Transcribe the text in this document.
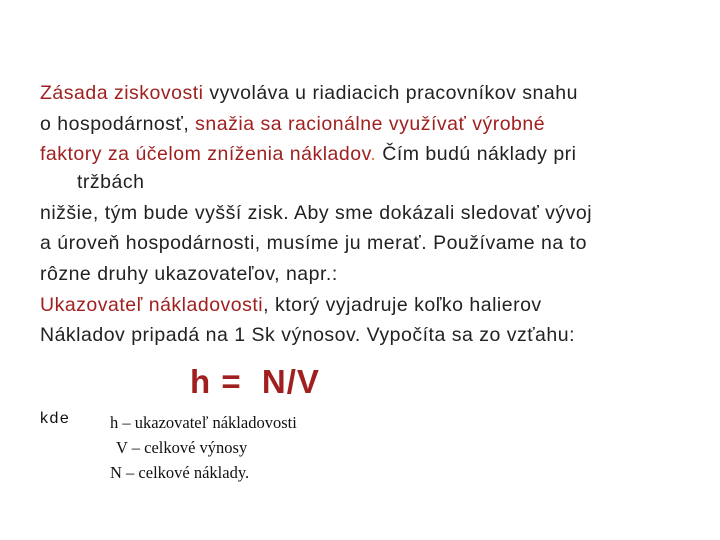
Zásada ziskovosti vyvoláva u riadiacich pracovníkov snahu
o hospodárnosť, snažia sa racionálne využívať výrobné
faktory za účelom zníženia nákladov. Čím budú náklady pri
tržbách
nižšie, tým bude vyšší zisk. Aby sme dokázali sledovať vývoj
a úroveň hospodárnosti, musíme ju merať. Používame na to
rôzne druhy ukazovateľov, napr.:
Ukazovateľ nákladovosti, ktorý vyjadruje koľko halierov
Nákladov pripadá na 1 Sk výnosov. Vypočíta sa zo vzťahu:
h =  N/V
kde h – ukazovateľ nákladovosti
V – celkové výnosy
N – celkové náklady.
